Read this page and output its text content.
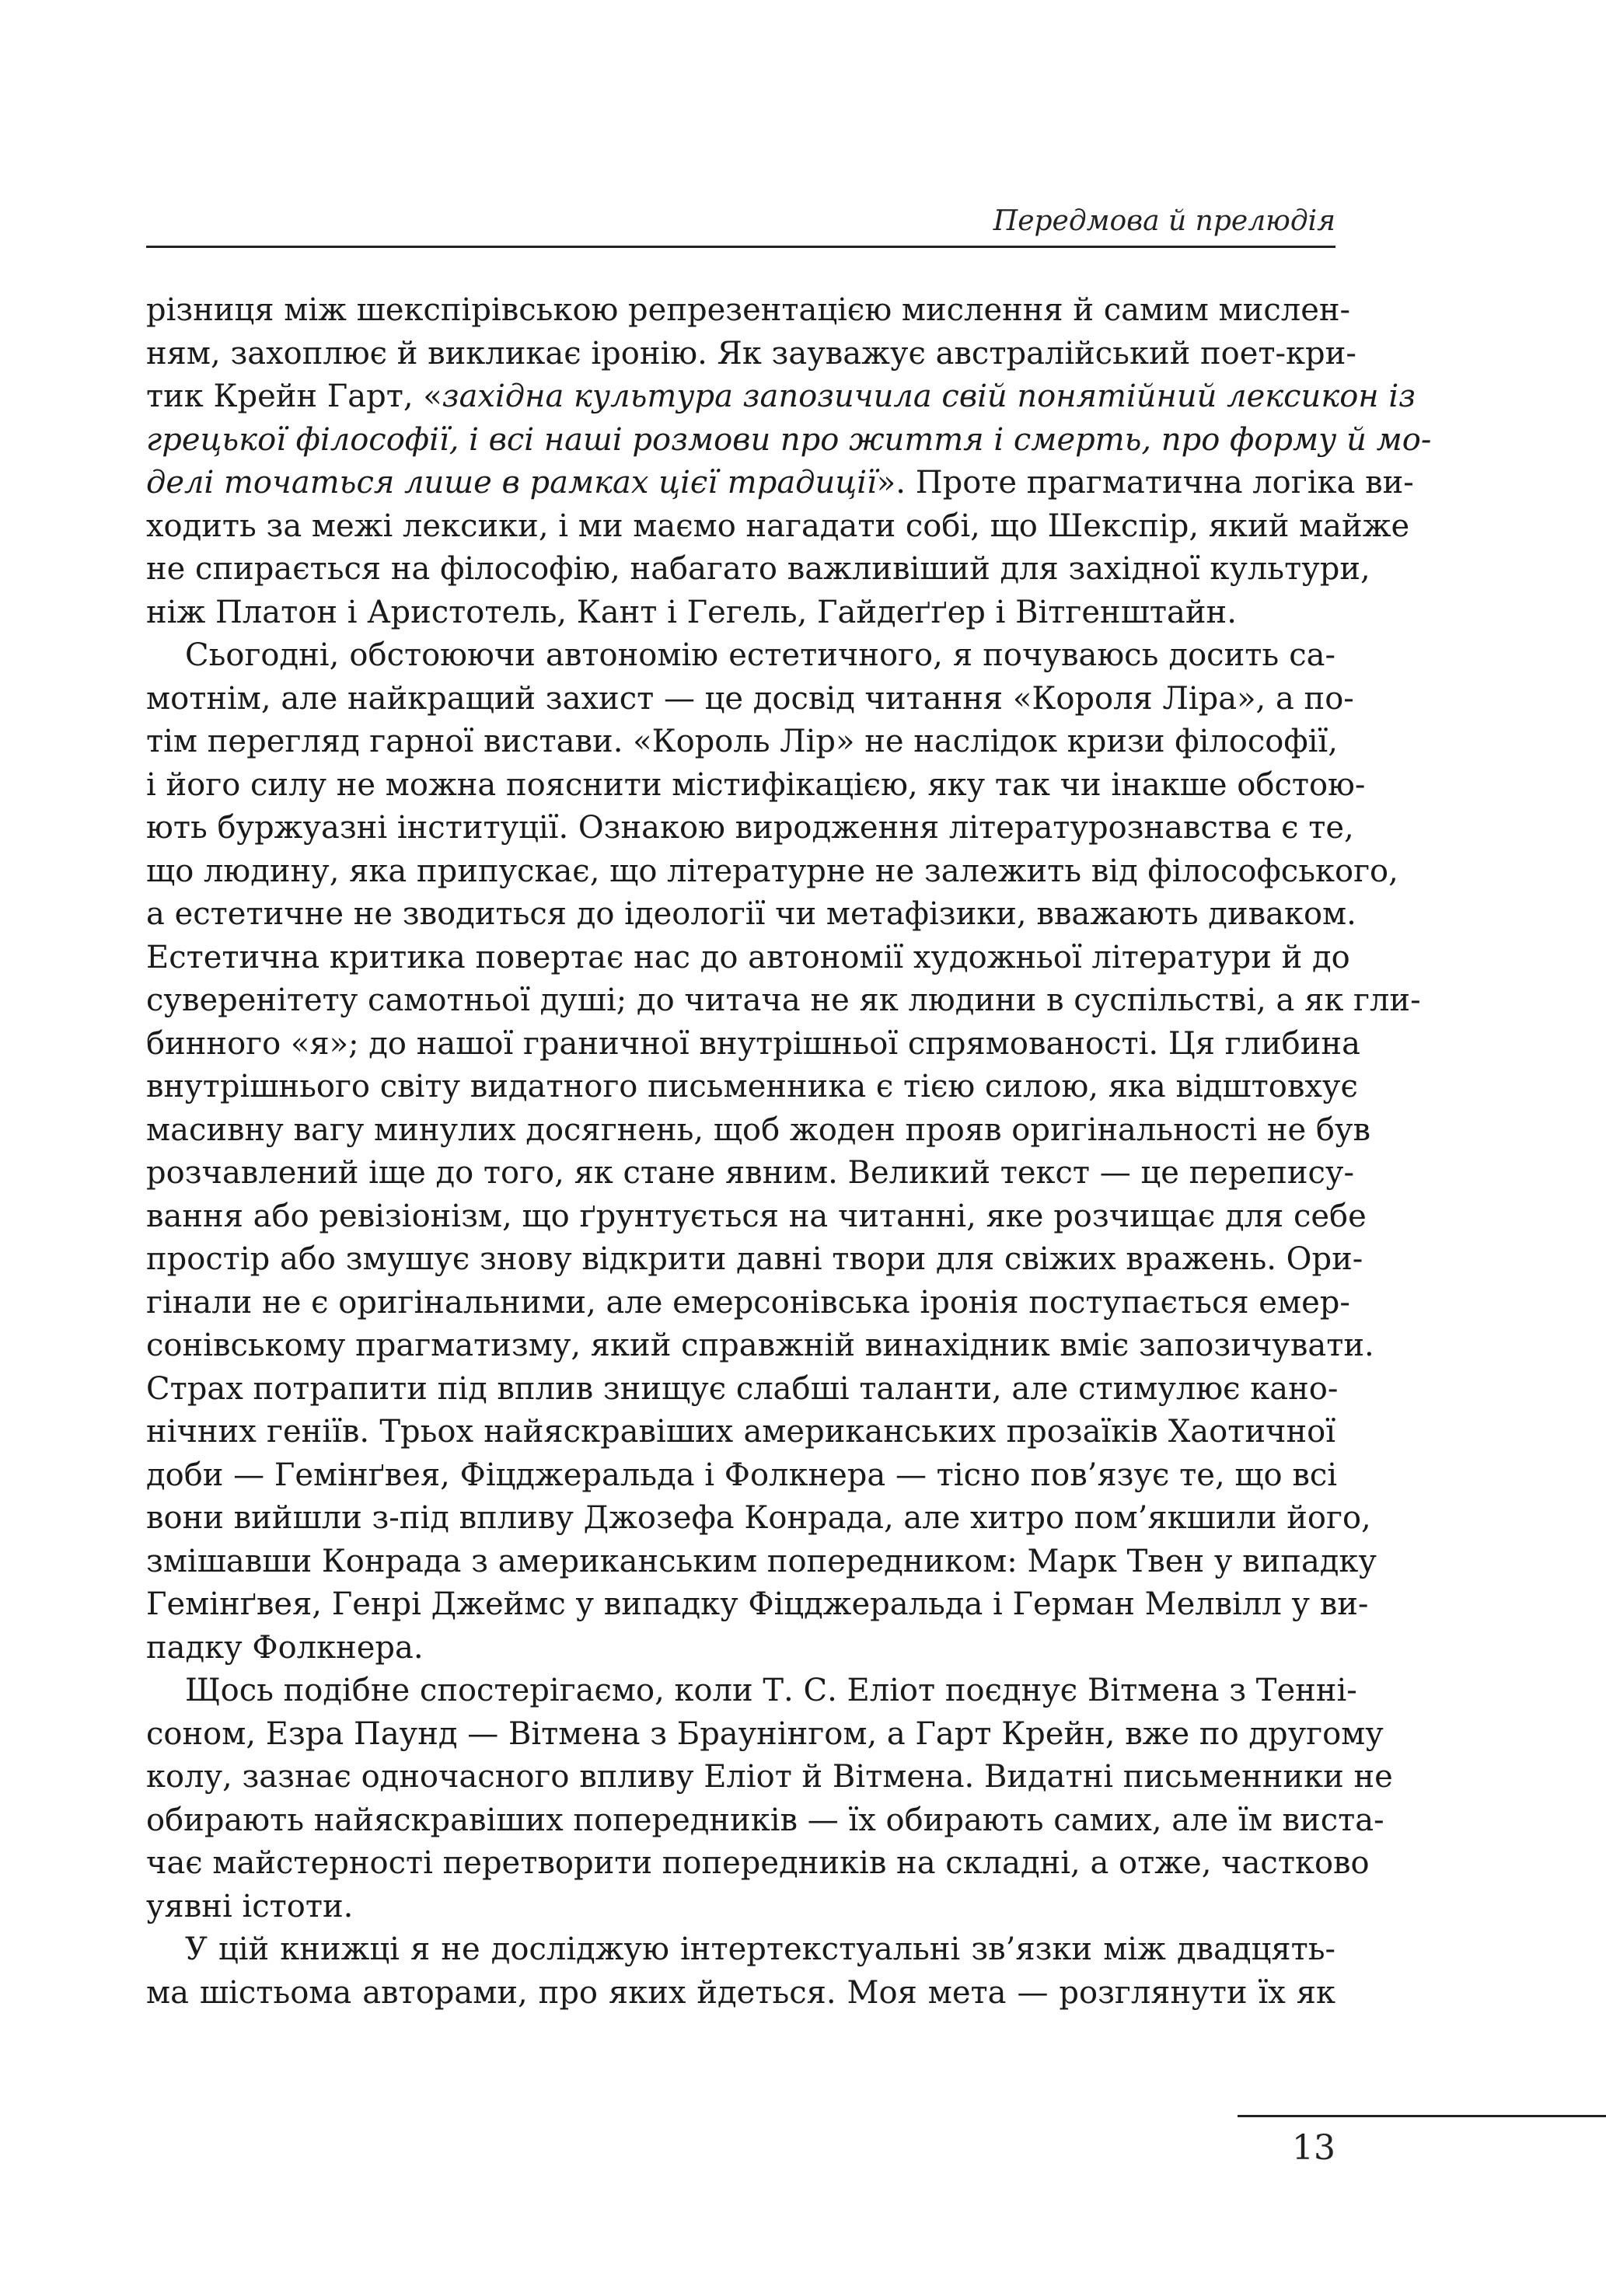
Передмова й прелюдія
різниця між шекспірівською репрезентацією мислення й самим мислен-
ням, захоплює й викликає іронію. Як зауважує австралійський поет-кри-
тик Крейн Гарт, «західна культура запозичила свій понятійний лексикон із
грецької філософії, і всі наші розмови про життя і смерть, про форму й мо-
делі точаться лише в рамках цієї традиції». Проте прагматична логіка ви-
ходить за межі лексики, і ми маємо нагадати собі, що Шекспір, який майже
не спирається на філософію, набагато важливіший для західної культури,
ніж Платон і Аристотель, Кант і Гегель, Гайдеґґер і Вітгенштайн.
Сьогодні, обстоюючи автономію естетичного, я почуваюсь досить са-
мотнім, але найкращий захист — це досвід читання «Короля Ліра», а по-
тім перегляд гарної вистави. «Король Лір» не наслідок кризи філософії,
і його силу не можна пояснити містифікацією, яку так чи інакше обстою-
ють буржуазні інституції. Ознакою виродження літературознавства є те,
що людину, яка припускає, що літературне не залежить від філософського,
а естетичне не зводиться до ідеології чи метафізики, вважають диваком.
Естетична критика повертає нас до автономії художньої літератури й до
суверенітету самотньої душі; до читача не як людини в суспільстві, а як гли-
бинного «я»; до нашої граничної внутрішньої спрямованості. Ця глибина
внутрішнього світу видатного письменника є тією силою, яка відштовхує
масивну вагу минулих досягнень, щоб жоден прояв оригінальності не був
розчавлений іще до того, як стане явним. Великий текст — це перепису-
вання або ревізіонізм, що ґрунтується на читанні, яке розчищає для себе
простір або змушує знову відкрити давні твори для свіжих вражень. Ори-
гінали не є оригінальними, але емерсонівська іронія поступається емер-
сонівському прагматизму, який справжній винахідник вміє запозичувати.
Страх потрапити під вплив знищує слабші таланти, але стимулює кано-
нічних геніїв. Трьох найяскравіших американських прозаїків Хаотичної
доби — Гемінґвея, Фіцджеральда і Фолкнера — тісно пов’язує те, що всі
вони вийшли з-під впливу Джозефа Конрада, але хитро пом’якшили його,
змішавши Конрада з американським попередником: Марк Твен у випадку
Гемінґвея, Генрі Джеймс у випадку Фіцджеральда і Герман Мелвілл у ви-
падку Фолкнера.
Щось подібне спостерігаємо, коли Т. С. Еліот поєднує Вітмена з Тенні-
соном, Езра Паунд — Вітмена з Браунінгом, а Гарт Крейн, вже по другому
колу, зазнає одночасного впливу Еліот й Вітмена. Видатні письменники не
обирають найяскравіших попередників — їх обирають самих, але їм виста-
чає майстерності перетворити попередників на складні, а отже, частково
уявні істоти.
У цій книжці я не досліджую інтертекстуальні зв’язки між двадцять-
ма шістьома авторами, про яких йдеться. Моя мета — розглянути їх як
13
